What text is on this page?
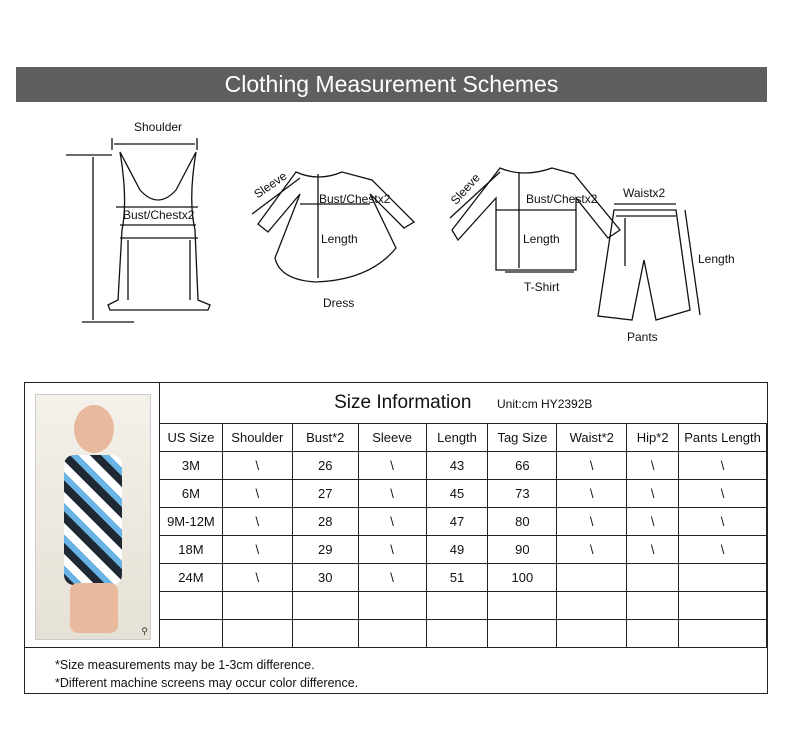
Clothing Measurement Schemes
Shoulder
Bust/Chestx2
Sleeve Bust/Chestx2
Length
Dress
Sleeve	Bust/Chestx2
Length
T-Shirt
Waistx2
Length
Pants
⚲
Size Information Unit:cm HY2392B								
US Size	Shoulder	Bust*2	Sleeve	Length	Tag Size	Waist*2	Hip*2	Pants Length
3M	\	26	\	43	66	\	\	\
6M	\	27	\	45	73	\	\	\
9M-12M	\	28	\	47	80	\	\	\
18M	\	29	\	49	90	\	\	\
24M	\	30	\	51	100			

*Size measurements may be 1-3cm difference.
*Different machine screens may occur color difference.
